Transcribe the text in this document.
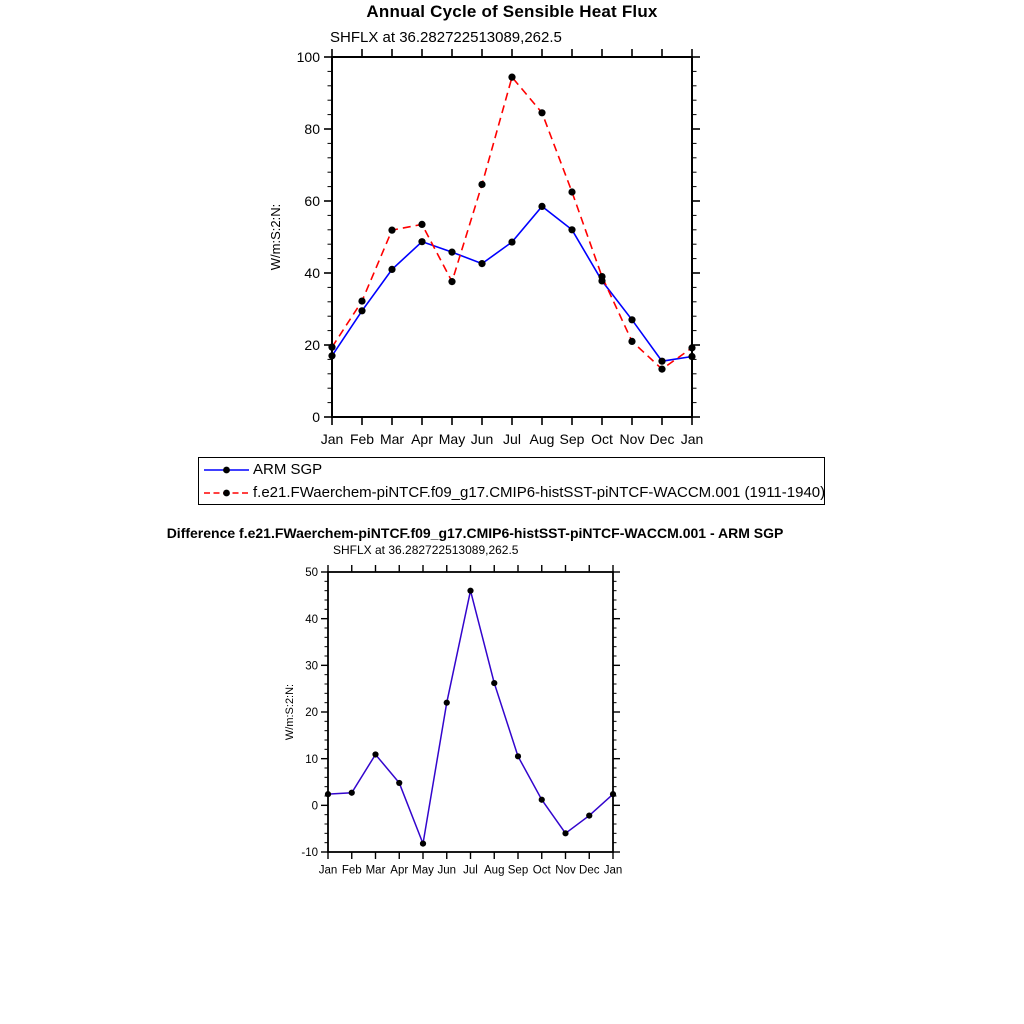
Annual Cycle of Sensible Heat Flux
SHFLX at 36.282722513089,262.5
Jan Feb Mar Apr May Jun Jul Aug Sep Oct Nov Dec Jan
0
20
40
60
80
100
W/m:S:2:N:
ARM SGP
f.e21.FWaerchem-piNTCF.f09_g17.CMIP6-histSST-piNTCF-WACCM.001 (1911-1940)
Difference f.e21.FWaerchem-piNTCF.f09_g17.CMIP6-histSST-piNTCF-WACCM.001 - ARM SGP
SHFLX at 36.282722513089,262.5
Jan Feb Mar Apr May Jun Jul Aug Sep Oct Nov Dec Jan
-10
0
10
20
30
40
50
W/m:S:2:N:
